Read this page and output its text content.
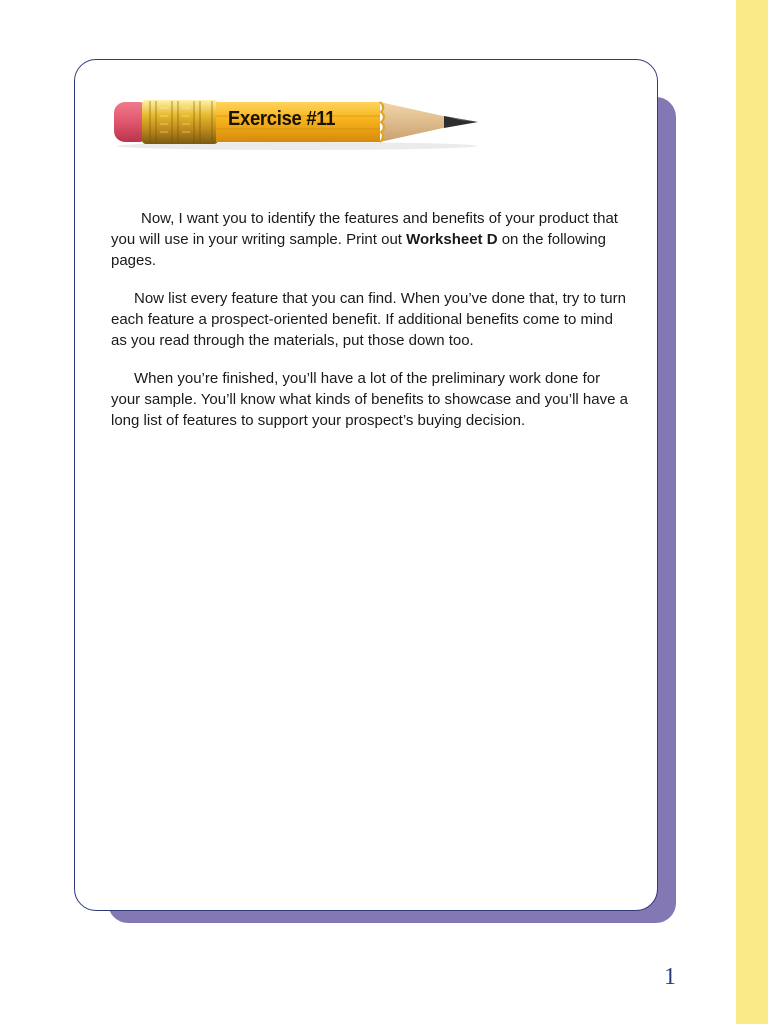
Exercise #11

Now, I want you to identify the features and benefits of your product that you will use in your writing sample. Print out Worksheet D on the following pages.

Now list every feature that you can find. When you’ve done that, try to turn each feature a prospect-oriented benefit. If additional benefits come to mind as you read through the materials, put those down too.

When you’re finished, you’ll have a lot of the preliminary work done for your sample. You’ll know what kinds of benefits to showcase and you’ll have a long list of features to support your prospect’s buying decision.

1
